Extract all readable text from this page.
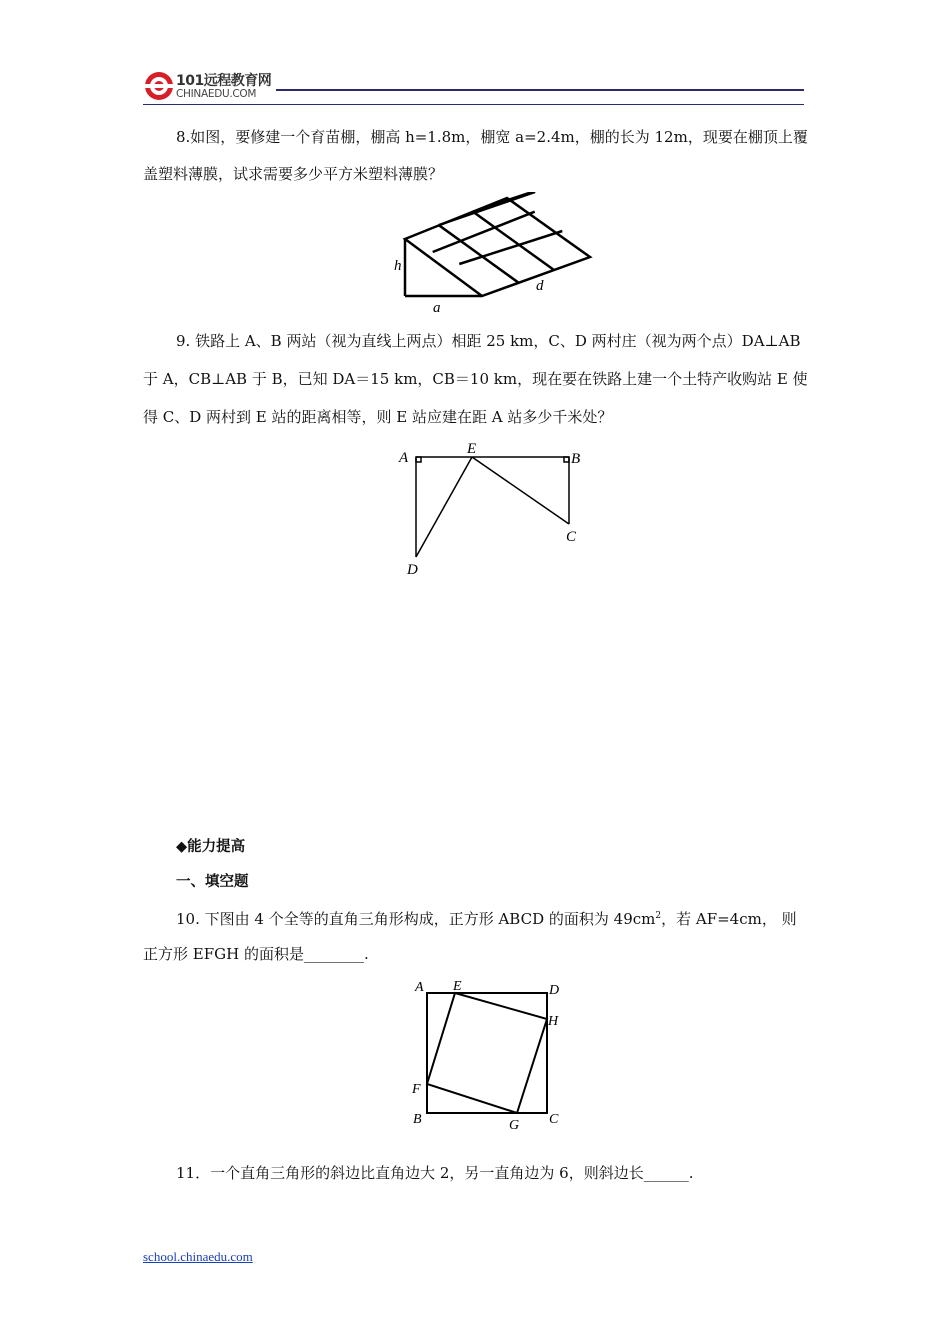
101远程教育网
CHINAEDU.COM
8.如图，要修建一个育苗棚，棚高 h=1.8m，棚宽 a=2.4m，棚的长为 12m，现要在棚顶上覆
盖塑料薄膜，试求需要多少平方米塑料薄膜？
h
a
d
9. 铁路上 A、B 两站（视为直线上两点）相距 25 km，C、D 两村庄（视为两个点）DA⊥AB
于 A，CB⊥AB 于 B，已知 DA＝15 km，CB＝10 km，现在要在铁路上建一个土特产收购站 E 使
得 C、D 两村到 E 站的距离相等，则 E 站应建在距 A 站多少千米处？
A
E
B
C
D
◆能力提高
一、填空题
10. 下图由 4 个全等的直角三角形构成，正方形 ABCD 的面积为 $49cm^2$，若 AF=4cm， 则
正方形 EFGH 的面积是________.
A E	D
H
F
B	G C
11．一个直角三角形的斜边比直角边大 2，另一直角边为 6，则斜边长______.
school.chinaedu.com
